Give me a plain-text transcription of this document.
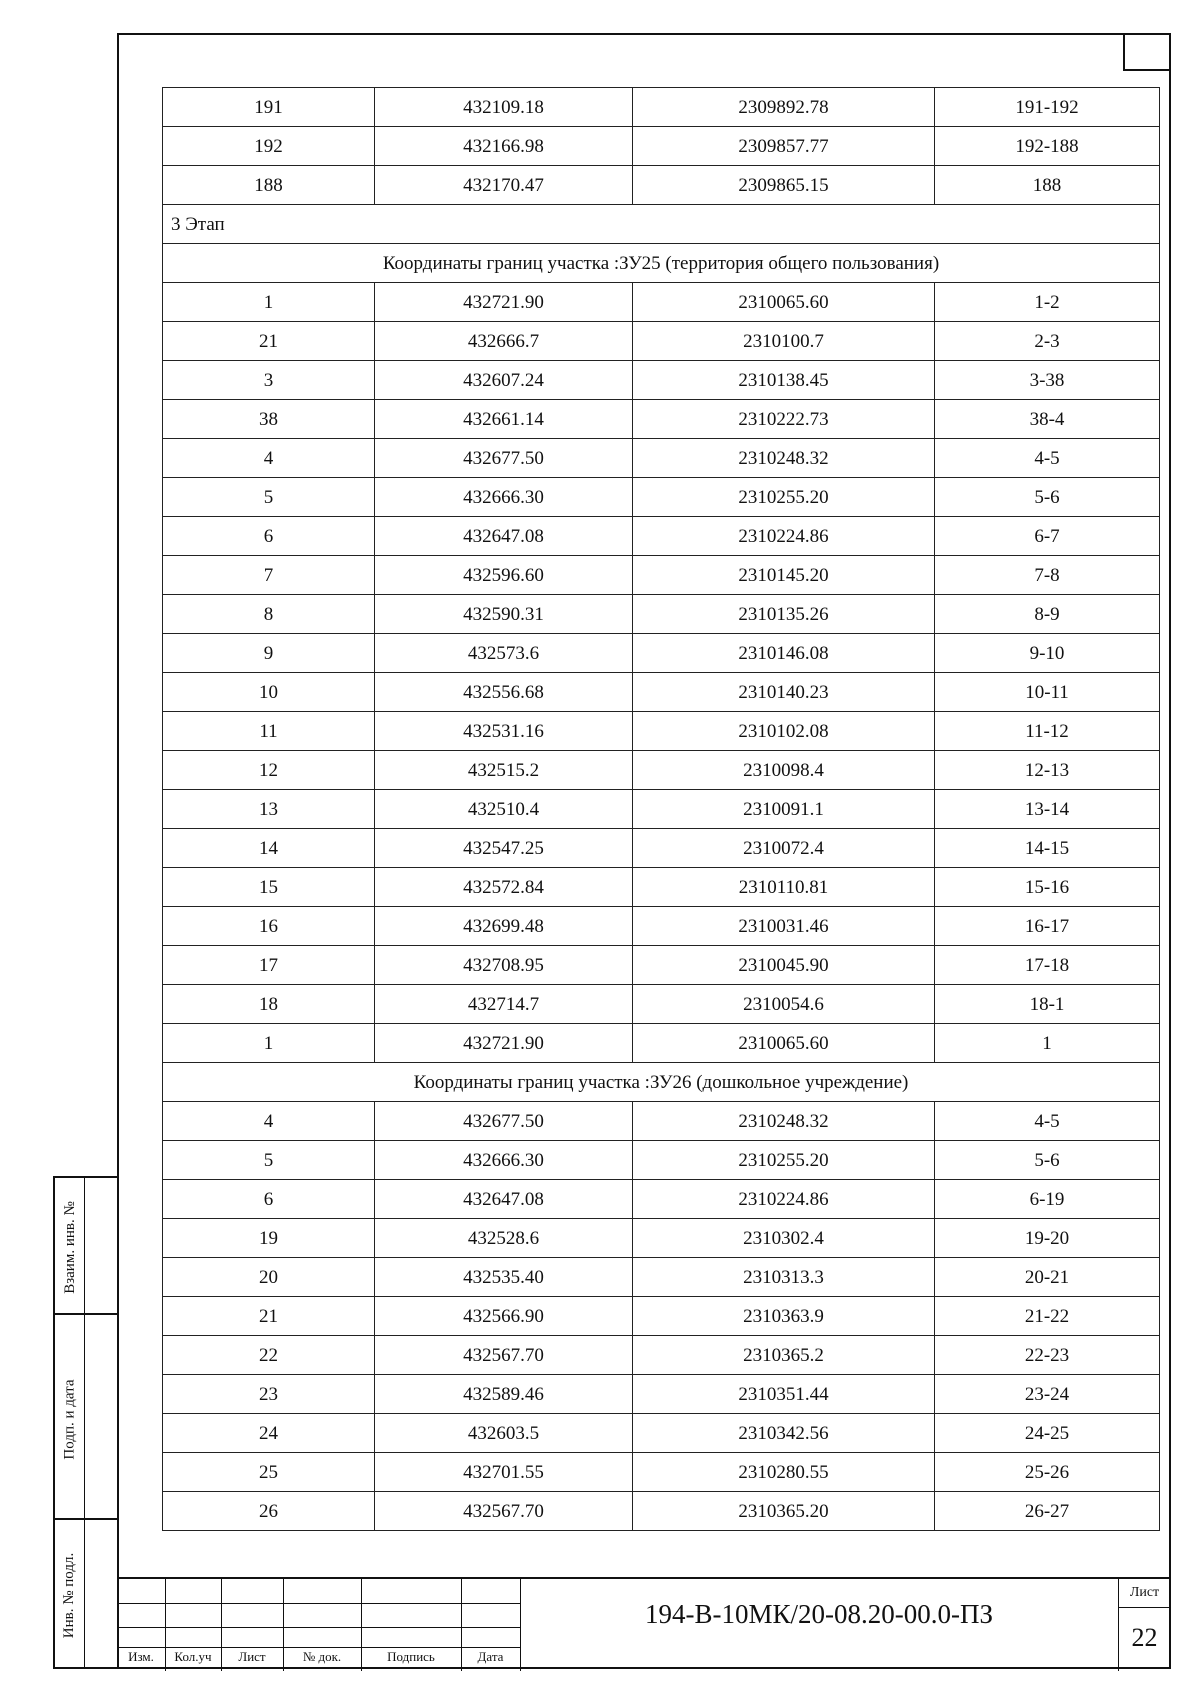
191	432109.18	2309892.78	191-192
192	432166.98	2309857.77	192-188
188	432170.47	2309865.15	188
3 Этап			
Координаты границ участка :ЗУ25 (территория общего пользования)			
1	432721.90	2310065.60	1-2
21	432666.7	2310100.7	2-3
3	432607.24	2310138.45	3-38
38	432661.14	2310222.73	38-4
4	432677.50	2310248.32	4-5
5	432666.30	2310255.20	5-6
6	432647.08	2310224.86	6-7
7	432596.60	2310145.20	7-8
8	432590.31	2310135.26	8-9
9	432573.6	2310146.08	9-10
10	432556.68	2310140.23	10-11
11	432531.16	2310102.08	11-12
12	432515.2	2310098.4	12-13
13	432510.4	2310091.1	13-14
14	432547.25	2310072.4	14-15
15	432572.84	2310110.81	15-16
16	432699.48	2310031.46	16-17
17	432708.95	2310045.90	17-18
18	432714.7	2310054.6	18-1
1	432721.90	2310065.60	1
Координаты границ участка :ЗУ26 (дошкольное учреждение)			
4	432677.50	2310248.32	4-5
5	432666.30	2310255.20	5-6
6	432647.08	2310224.86	6-19
19	432528.6	2310302.4	19-20
20	432535.40	2310313.3	20-21
21	432566.90	2310363.9	21-22
22	432567.70	2310365.2	22-23
23	432589.46	2310351.44	23-24
24	432603.5	2310342.56	24-25
25	432701.55	2310280.55	25-26
26	432567.70	2310365.20	26-27
Взаим. инв. №
Подп. и дата
Инв. № подл.
Изм.	Кол.уч	Лист	№ док.	Подпись	Дата
194-В-10МК/20-08.20-00.0-ПЗ
Лист
22
